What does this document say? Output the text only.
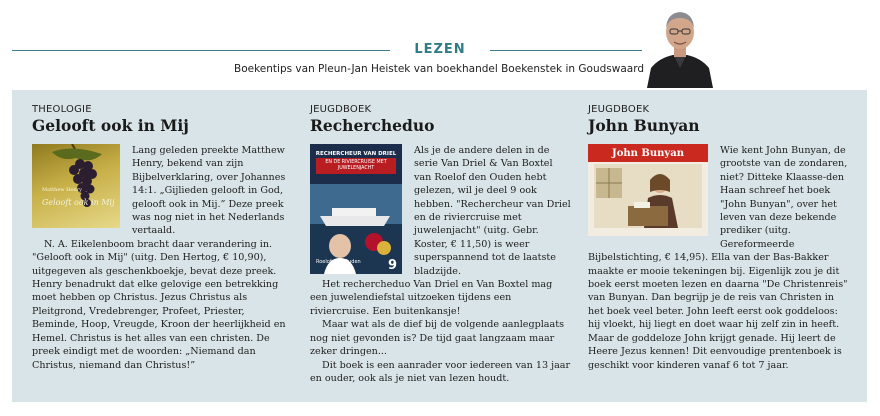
LEZEN
Boekentips van Pleun-Jan Heistek van boekhandel Boekenstek in Goudswaard
THEOLOGIE
Gelooft ook in Mij
Matthew Henry
Gelooft ook in Mij

Lang geleden preekte Matthew Henry, bekend van zijn Bijbelverklaring, over Johannes 14:1. „Gijlieden gelooft in God, gelooft ook in Mij.” Deze preek was nog niet in het Nederlands vertaald.

N. A. Eikelenboom bracht daar verandering in. "Gelooft ook in Mij" (uitg. Den Hertog, € 10,90), uitgegeven als geschenkboekje, bevat deze preek. Henry benadrukt dat elke gelovige een betrekking moet hebben op Christus. Jezus Christus als Pleitgrond, Vredebrenger, Profeet, Priester, Beminde, Hoop, Vreugde, Kroon der heerlijkheid en Hemel. Christus is het alles van een christen. De preek eindigt met de woorden: „Niemand dan Christus, niemand dan Christus!”

JEUGDBOEK
Rechercheduo
RECHERCHEUR VAN DRIEL
EN DE RIVIERCRUISE MET JUWELENJACHT
Roelof den Ouden 9

Als je de andere delen in de serie Van Driel & Van Boxtel van Roelof den Ouden hebt gelezen, wil je deel 9 ook hebben. "Rechercheur van Driel en de riviercruise met juwelenjacht" (uitg. Gebr. Koster, € 11,50) is weer superspannend tot de laatste bladzijde.

Het rechercheduo Van Driel en Van Boxtel mag een juwelendiefstal uitzoeken tijdens een riviercruise. Een buitenkansje!

Maar wat als de dief bij de volgende aanlegplaats nog niet gevonden is? De tijd gaat langzaam maar zeker dringen...

Dit boek is een aanrader voor iedereen van 13 jaar en ouder, ook als je niet van lezen houdt.

JEUGDBOEK
John Bunyan
John Bunyan	Wie kent John Bunyan, de grootste van de zondaren, niet? Ditteke Klaasse-den Haan schreef het boek "John Bunyan", over het leven van deze bekende prediker (uitg. Gereformeerde Bijbelstichting, € 14,95). Ella van der Bas-Bakker maakte er mooie tekeningen bij. Eigenlijk zou je dit boek eerst moeten lezen en daarna "De Christenreis" van Bunyan. Dan begrijp je de reis van Christen in het boek veel beter. John leeft eerst ook goddeloos: hij vloekt, hij liegt en doet waar hij zelf zin in heeft. Maar de goddeloze John krijgt genade. Hij leert de Heere Jezus kennen! Dit eenvoudige prentenboek is geschikt voor kinderen vanaf 6 tot 7 jaar.
